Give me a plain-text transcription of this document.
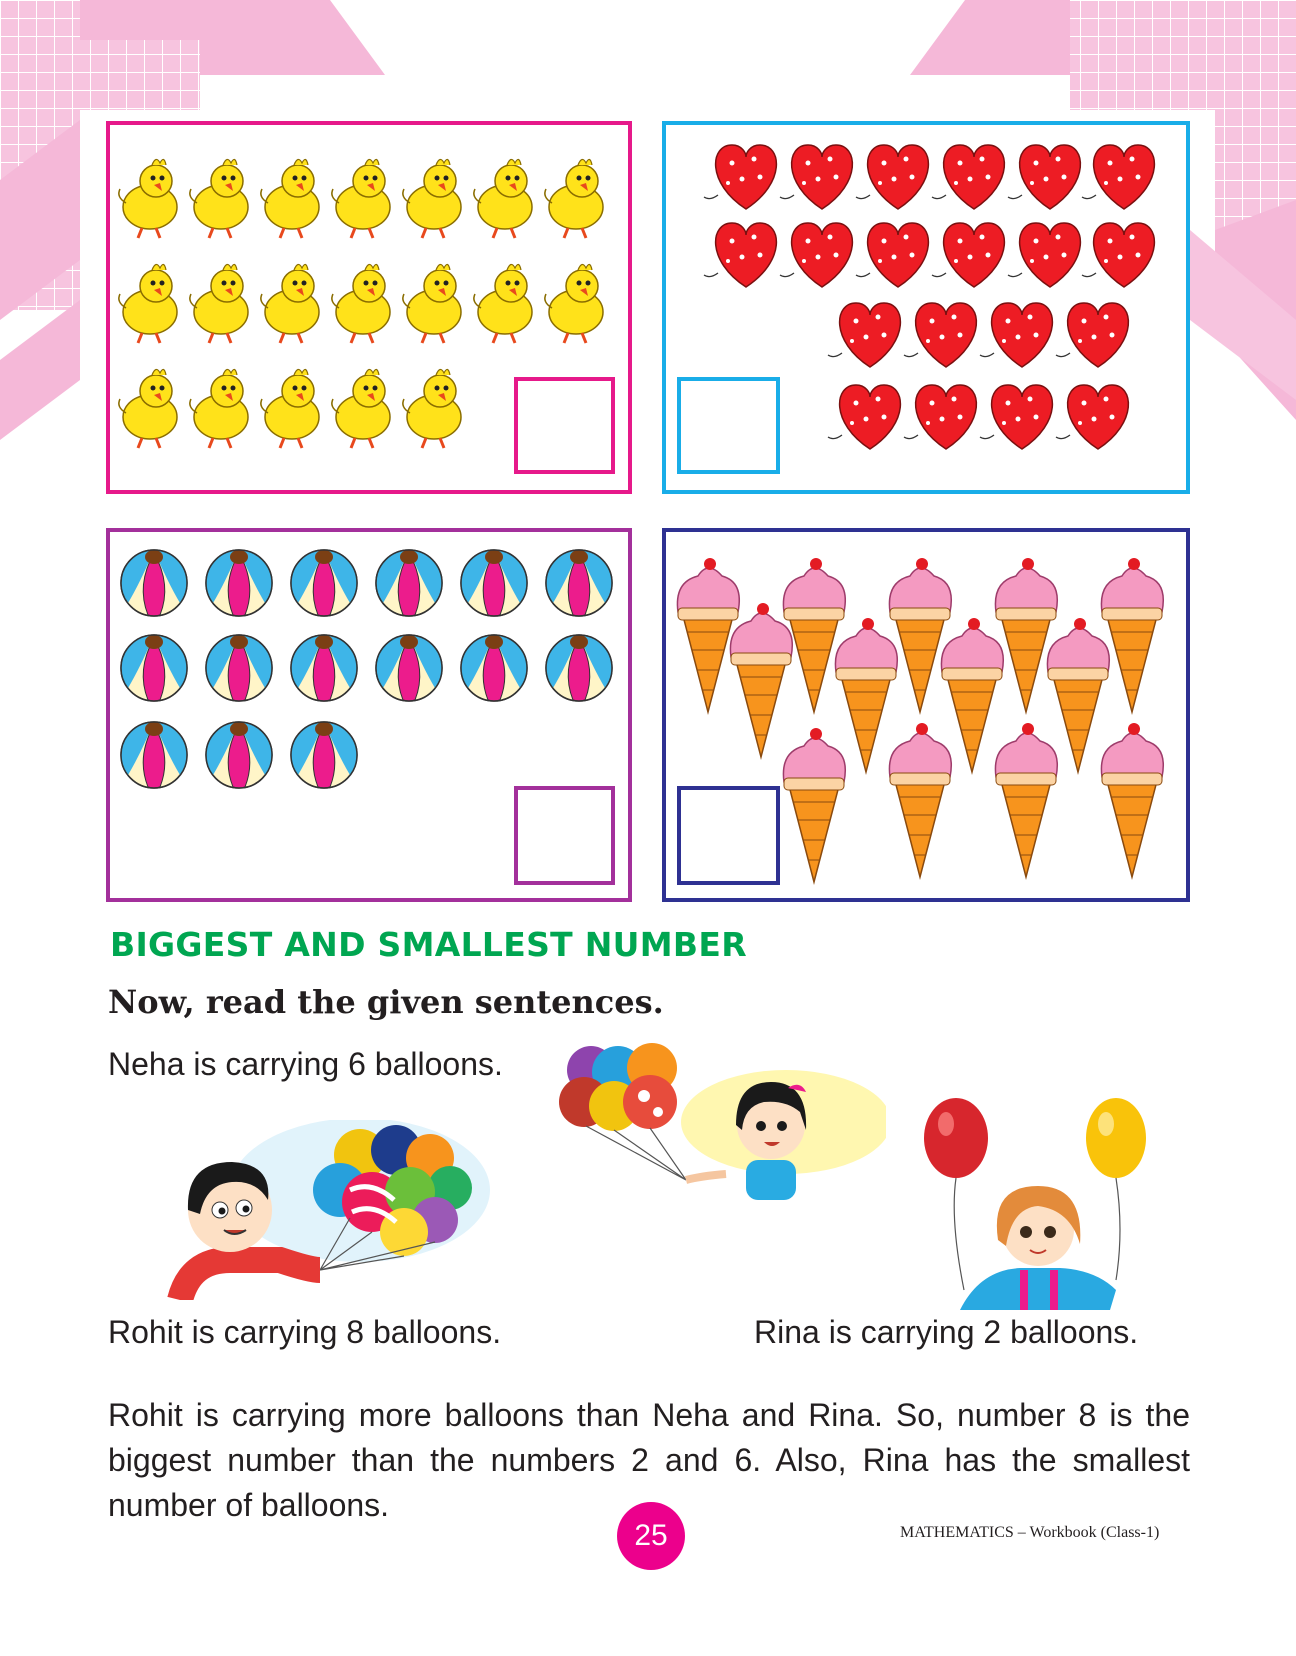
BIGGEST AND SMALLEST NUMBER

Now, read the given sentences.

Neha is carrying 6 balloons.

Rohit is carrying 8 balloons.	Rina is carrying 2 balloons.

Rohit is carrying more balloons than Neha and Rina. So, number 8 is the biggest number than the numbers 2 and 6. Also, Rina has the smallest number of balloons.

25	MATHEMATICS – Workbook (Class-1)
